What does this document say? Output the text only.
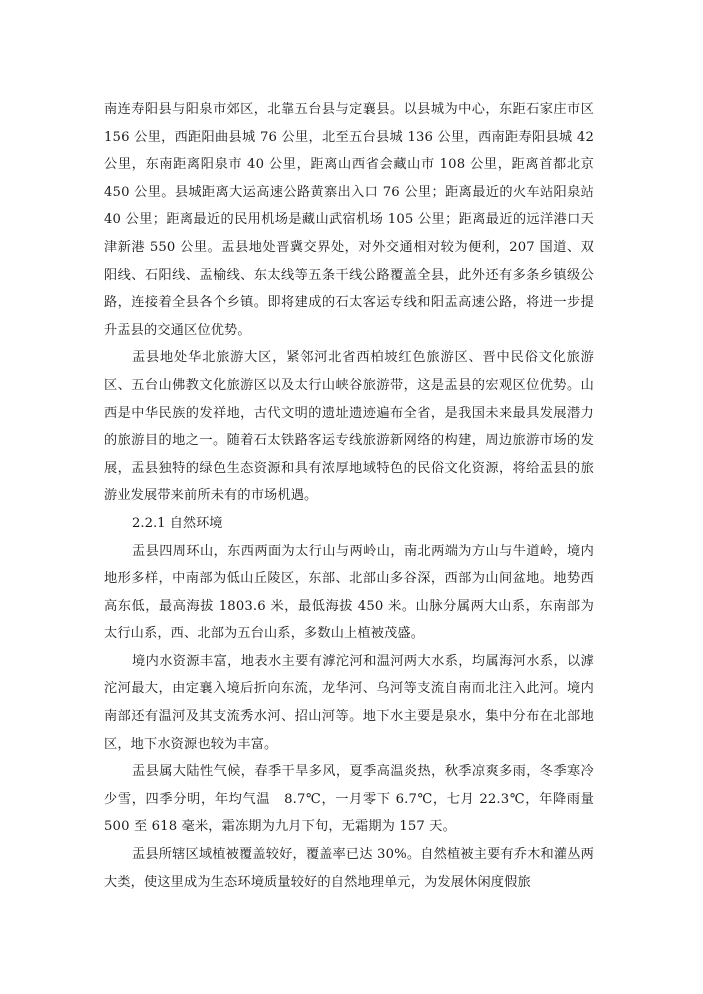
南连寿阳县与阳泉市郊区，北靠五台县与定襄县。以县城为中心，东距石家庄市区 156 公里，西距阳曲县城 76 公里，北至五台县城 136 公里，西南距寿阳县城 42 公里，东南距离阳泉市 40 公里，距离山西省会藏山市 108 公里，距离首都北京 450 公里。县城距离大运高速公路黄寨出入口 76 公里；距离最近的火车站阳泉站 40 公里；距离最近的民用机场是藏山武宿机场 105 公里；距离最近的远洋港口天津新港 550 公里。盂县地处晋冀交界处，对外交通相对较为便利，207 国道、双阳线、石阳线、盂榆线、东太线等五条干线公路覆盖全县，此外还有多条乡镇级公路，连接着全县各个乡镇。即将建成的石太客运专线和阳盂高速公路，将进一步提升盂县的交通区位优势。

盂县地处华北旅游大区，紧邻河北省西柏坡红色旅游区、晋中民俗文化旅游区、五台山佛教文化旅游区以及太行山峡谷旅游带，这是盂县的宏观区位优势。山西是中华民族的发祥地，古代文明的遗址遗迹遍布全省，是我国未来最具发展潜力的旅游目的地之一。随着石太铁路客运专线旅游新网络的构建，周边旅游市场的发展，盂县独特的绿色生态资源和具有浓厚地域特色的民俗文化资源，将给盂县的旅游业发展带来前所未有的市场机遇。

2.2.1 自然环境

盂县四周环山，东西两面为太行山与两岭山，南北两端为方山与牛道岭，境内地形多样，中南部为低山丘陵区，东部、北部山多谷深，西部为山间盆地。地势西高东低，最高海拔 1803.6 米，最低海拔 450 米。山脉分属两大山系，东南部为太行山系，西、北部为五台山系，多数山上植被茂盛。

境内水资源丰富，地表水主要有滹沱河和温河两大水系，均属海河水系，以滹沱河最大，由定襄入境后折向东流，龙华河、乌河等支流自南而北注入此河。境内南部还有温河及其支流秀水河、招山河等。地下水主要是泉水，集中分布在北部地区，地下水资源也较为丰富。

盂县属大陆性气候，春季干旱多风，夏季高温炎热，秋季凉爽多雨，冬季寒冷少雪，四季分明，年均气温　8.7℃，一月零下 6.7℃，七月 22.3℃，年降雨量 500 至 618 毫米，霜冻期为九月下旬，无霜期为 157 天。

盂县所辖区域植被覆盖较好，覆盖率已达 30%。自然植被主要有乔木和灌丛两大类，使这里成为生态环境质量较好的自然地理单元，为发展休闲度假旅
